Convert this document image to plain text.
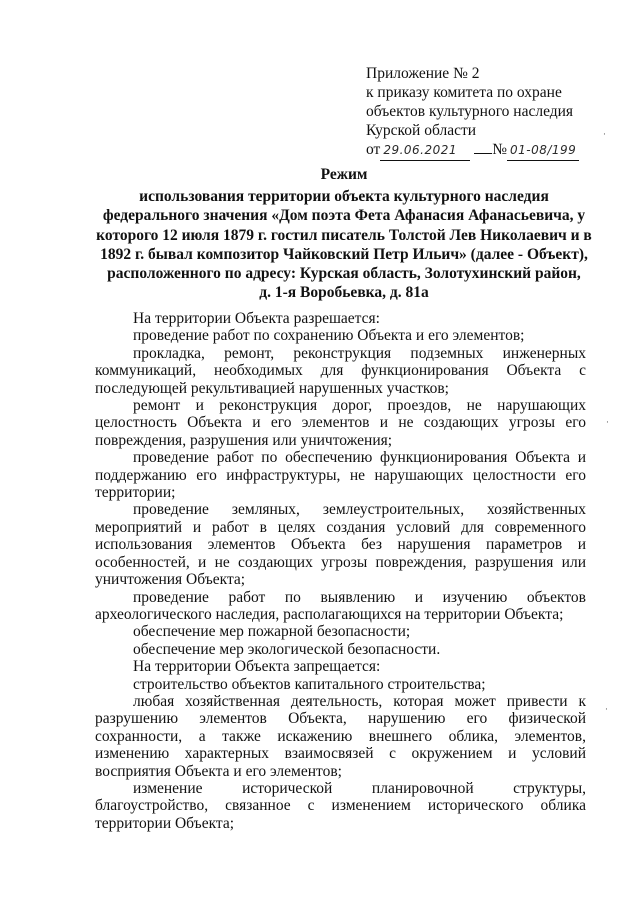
Приложение № 2
к приказу комитета по охране
объектов культурного наследия
Курской области
от 29.06.2021 № 01-08/199
Режим
использования территории объекта культурного наследия
федерального значения «Дом поэта Фета Афанасия Афанасьевича, у
которого 12 июля 1879 г. гостил писатель Толстой Лев Николаевич и в
1892 г. бывал композитор Чайковский Петр Ильич» (далее - Объект),
расположенного по адресу: Курская область, Золотухинский район,
д. 1-я Воробьевка, д. 81а

На территории Объекта разрешается:

проведение работ по сохранению Объекта и его элементов;

прокладка, ремонт, реконструкция подземных инженерных коммуникаций, необходимых для функционирования Объекта с последующей рекультивацией нарушенных участков;

ремонт и реконструкция дорог, проездов, не нарушающих целостность Объекта и его элементов и не создающих угрозы его повреждения, разрушения или уничтожения;

проведение работ по обеспечению функционирования Объекта и поддержанию его инфраструктуры, не нарушающих целостности его территории;

проведение земляных, землеустроительных, хозяйственных мероприятий и работ в целях создания условий для современного использования элементов Объекта без нарушения параметров и особенностей, и не создающих угрозы повреждения, разрушения или уничтожения Объекта;

проведение работ по выявлению и изучению объектов археологического наследия, располагающихся на территории Объекта;

обеспечение мер пожарной безопасности;

обеспечение мер экологической безопасности.

На территории Объекта запрещается:

строительство объектов капитального строительства;

любая хозяйственная деятельность, которая может привести к разрушению элементов Объекта, нарушению его физической сохранности, а также искажению внешнего облика, элементов, изменению характерных взаимосвязей с окружением и условий восприятия Объекта и его элементов;

изменение исторической планировочной структуры, благоустройство, связанное с изменением исторического облика территории Объекта;

·
·
·
